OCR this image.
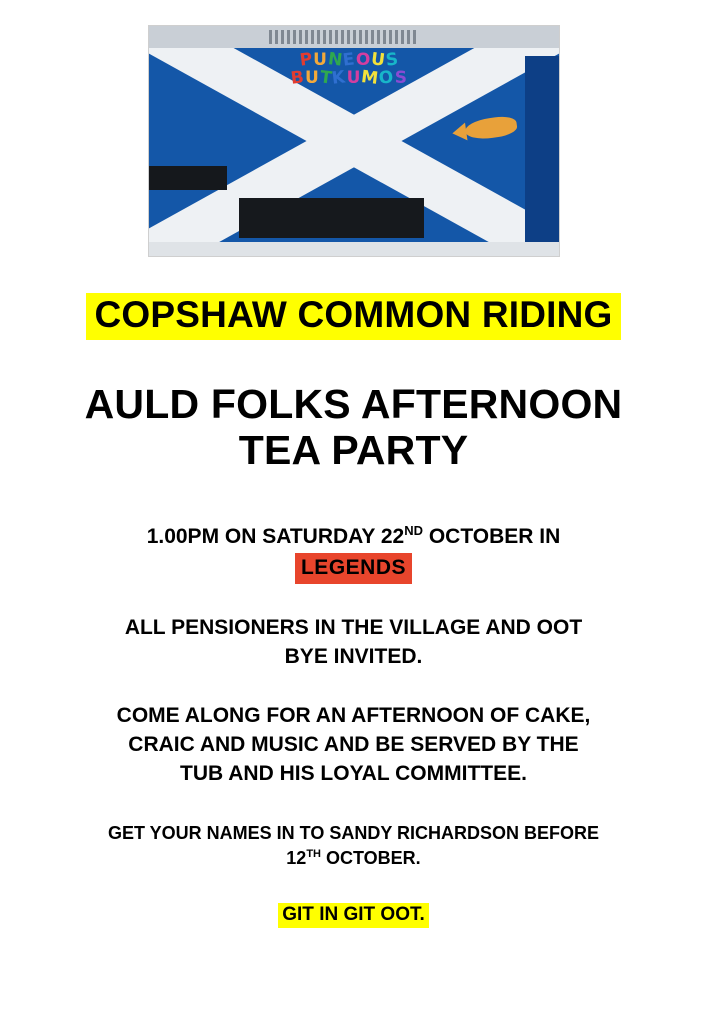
PUNEOUS
BUTKUMOS
COPSHAW COMMON RIDING
AULD FOLKS AFTERNOON
TEA PARTY
1.00PM ON SATURDAY 22ND OCTOBER IN
LEGENDS
ALL PENSIONERS IN THE VILLAGE AND OOT
BYE INVITED.
COME ALONG FOR AN AFTERNOON OF CAKE,
CRAIC AND MUSIC AND BE SERVED BY THE
TUB AND HIS LOYAL COMMITTEE.
GET YOUR NAMES IN TO SANDY RICHARDSON BEFORE
12TH OCTOBER.
GIT IN GIT OOT.
